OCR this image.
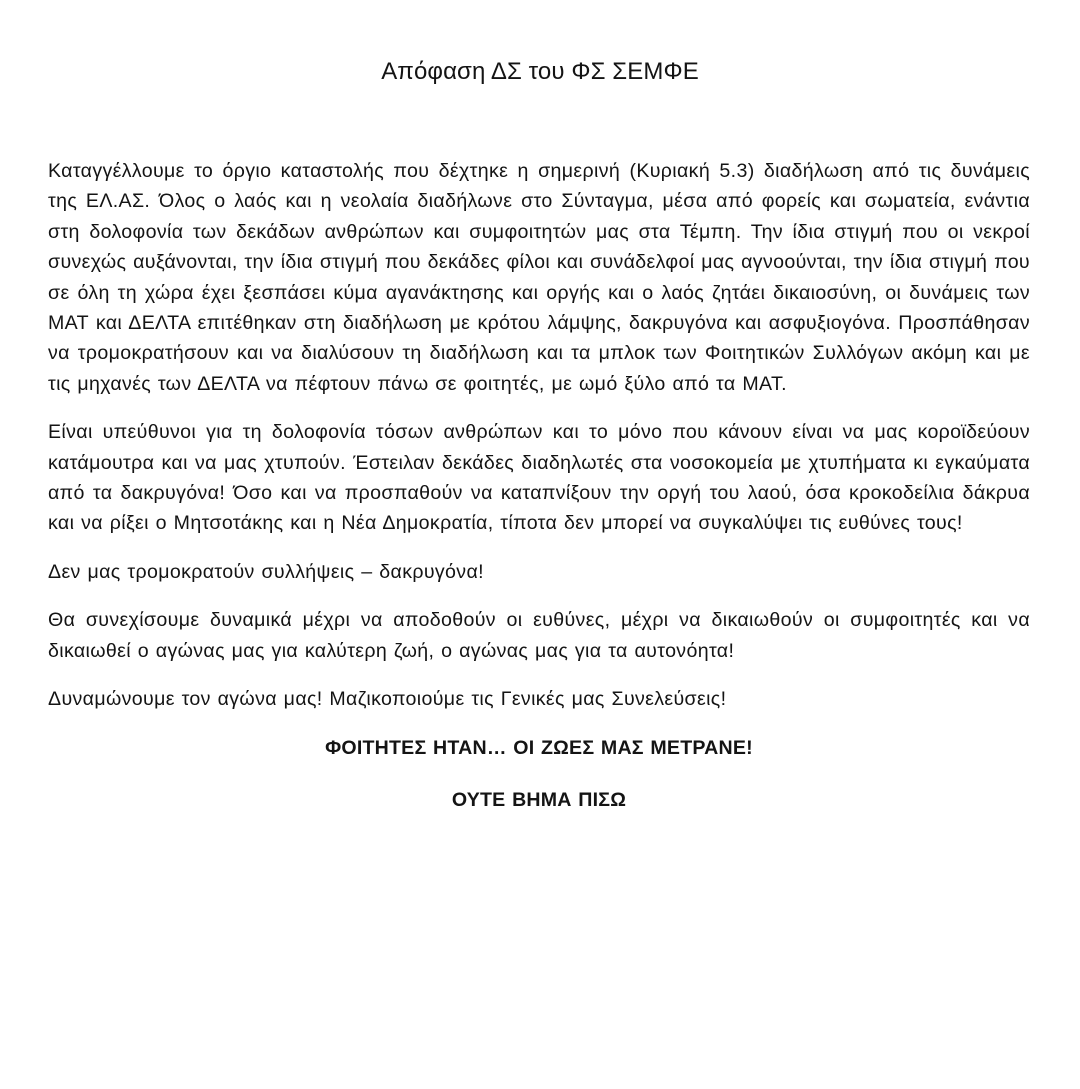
Απόφαση ΔΣ του ΦΣ ΣΕΜΦΕ

Καταγγέλλουμε το όργιο καταστολής που δέχτηκε η σημερινή (Κυριακή 5.3) διαδήλωση από τις δυνάμεις της ΕΛ.ΑΣ. Όλος ο λαός και η νεολαία διαδήλωνε στο Σύνταγμα, μέσα από φορείς και σωματεία, ενάντια στη δολοφονία των δεκάδων ανθρώπων και συμφοιτητών μας στα Τέμπη. Την ίδια στιγμή που οι νεκροί συνεχώς αυξάνονται, την ίδια στιγμή που δεκάδες φίλοι και συνάδελφοί μας αγνοούνται, την ίδια στιγμή που σε όλη τη χώρα έχει ξεσπάσει κύμα αγανάκτησης και οργής και ο λαός ζητάει δικαιοσύνη, οι δυνάμεις των ΜΑΤ και ΔΕΛΤΑ επιτέθηκαν στη διαδήλωση με κρότου λάμψης, δακρυγόνα και ασφυξιογόνα. Προσπάθησαν να τρομοκρατήσουν και να διαλύσουν τη διαδήλωση και τα μπλοκ των Φοιτητικών Συλλόγων ακόμη και με τις μηχανές των ΔΕΛΤΑ να πέφτουν πάνω σε φοιτητές, με ωμό ξύλο από τα ΜΑΤ.

Είναι υπεύθυνοι για τη δολοφονία τόσων ανθρώπων και το μόνο που κάνουν είναι να μας κοροϊδεύουν κατάμουτρα και να μας χτυπούν. Έστειλαν δεκάδες διαδηλωτές στα νοσοκομεία με χτυπήματα κι εγκαύματα από τα δακρυγόνα! Όσο και να προσπαθούν να καταπνίξουν την οργή του λαού, όσα κροκοδείλια δάκρυα και να ρίξει ο Μητσοτάκης και η Νέα Δημοκρατία, τίποτα δεν μπορεί να συγκαλύψει τις ευθύνες τους!

Δεν μας τρομοκρατούν συλλήψεις – δακρυγόνα!

Θα συνεχίσουμε δυναμικά μέχρι να αποδοθούν οι ευθύνες, μέχρι να δικαιωθούν οι συμφοιτητές και να δικαιωθεί ο αγώνας μας για καλύτερη ζωή, ο αγώνας μας για τα αυτονόητα!

Δυναμώνουμε τον αγώνα μας! Μαζικοποιούμε τις Γενικές μας Συνελεύσεις!

ΦΟΙΤΗΤΕΣ ΗΤΑΝ… ΟΙ ΖΩΕΣ ΜΑΣ ΜΕΤΡΑΝΕ!

ΟΥΤΕ ΒΗΜΑ ΠΙΣΩ
